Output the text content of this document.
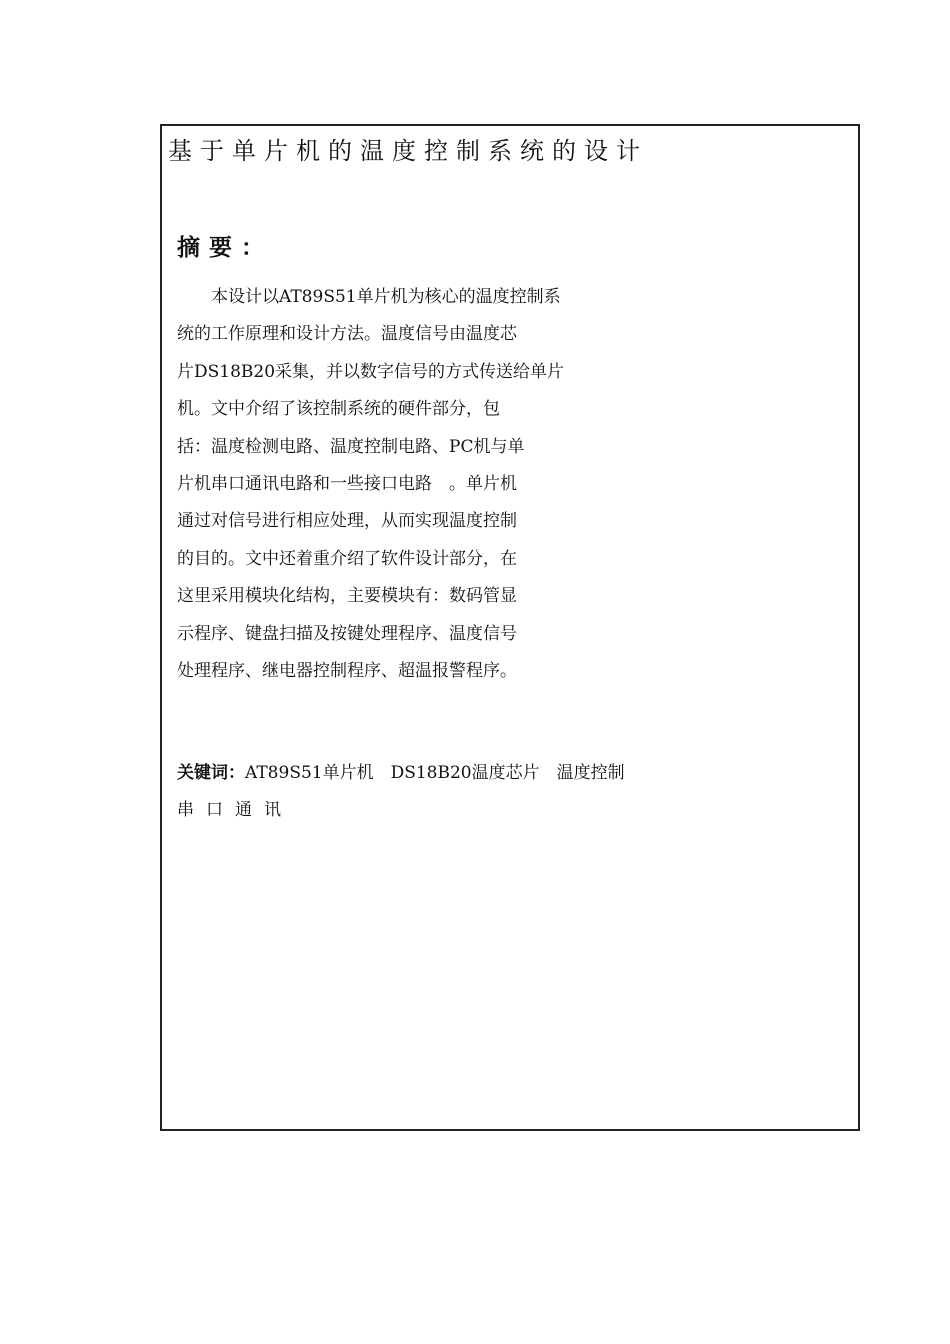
基于单片机的温度控制系统的设计
摘要：
　　本设计以AT89S51单片机为核心的温度控制系
统的工作原理和设计方法。温度信号由温度芯
片DS18B20采集，并以数字信号的方式传送给单片
机。文中介绍了该控制系统的硬件部分，包
括：温度检测电路、温度控制电路、PC机与单
片机串口通讯电路和一些接口电路　。单片机
通过对信号进行相应处理，从而实现温度控制
的目的。文中还着重介绍了软件设计部分，在
这里采用模块化结构，主要模块有：数码管显
示程序、键盘扫描及按键处理程序、温度信号
处理程序、继电器控制程序、超温报警程序。
关键词：AT89S51单片机　DS18B20温度芯片　温度控制
串口通讯
